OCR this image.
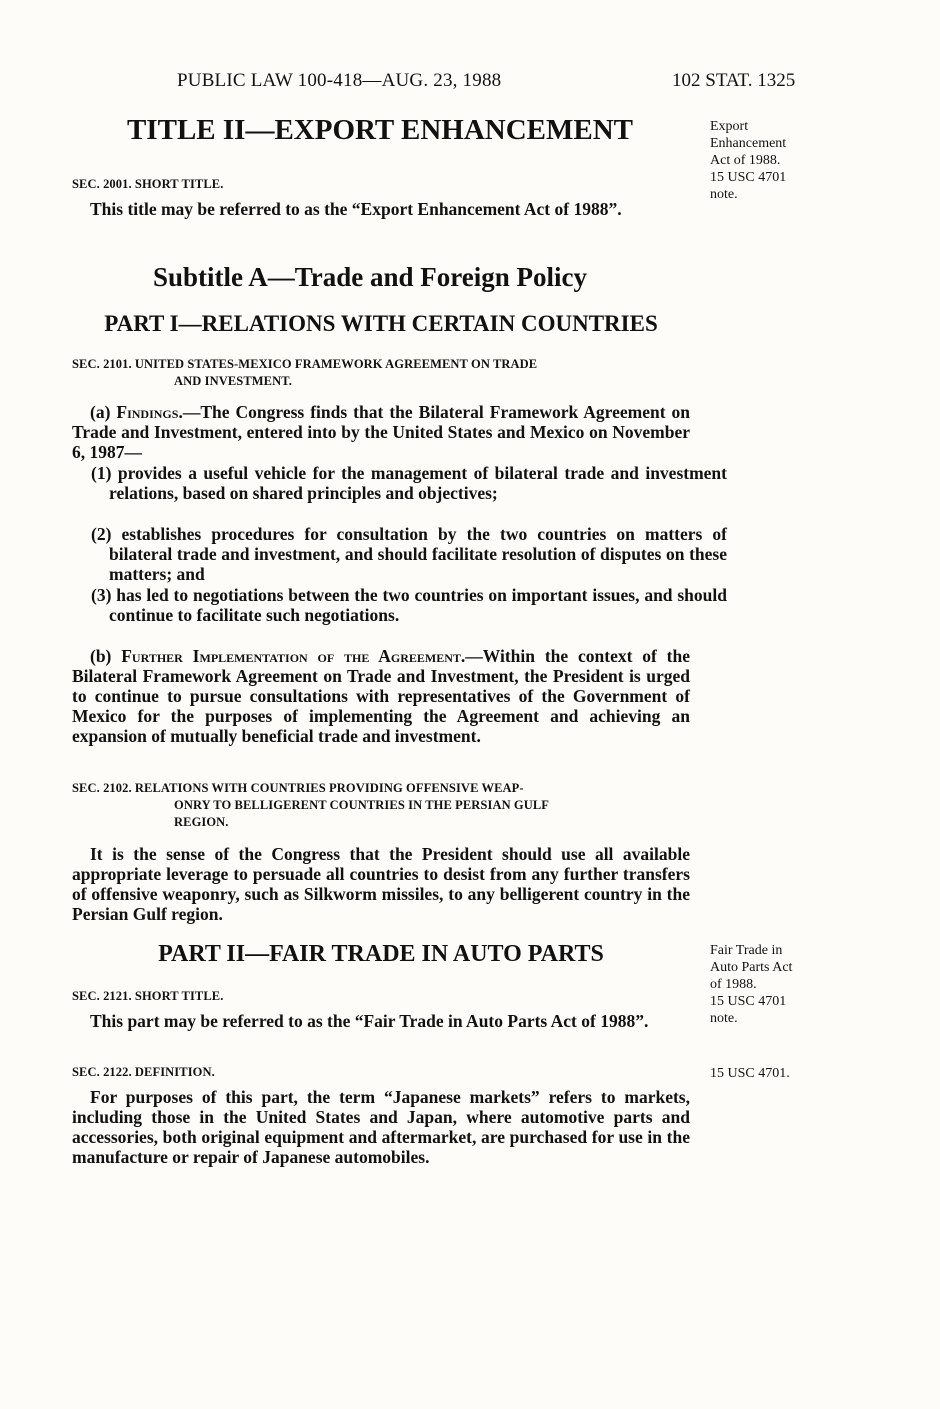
PUBLIC LAW 100-418—AUG. 23, 1988	102 STAT. 1325
TITLE II—EXPORT ENHANCEMENT
SEC. 2001. SHORT TITLE.
This title may be referred to as the “Export Enhancement Act of 1988”.
Subtitle A—Trade and Foreign Policy
PART I—RELATIONS WITH CERTAIN COUNTRIES
SEC. 2101. UNITED STATES-MEXICO FRAMEWORK AGREEMENT ON TRADE
AND INVESTMENT.
(a) Findings.—The Congress finds that the Bilateral Framework Agreement on Trade and Investment, entered into by the United States and Mexico on November 6, 1987—
(1) provides a useful vehicle for the management of bilateral trade and investment relations, based on shared principles and objectives;
(2) establishes procedures for consultation by the two countries on matters of bilateral trade and investment, and should facilitate resolution of disputes on these matters; and
(3) has led to negotiations between the two countries on important issues, and should continue to facilitate such negotiations.
(b) Further Implementation of the Agreement.—Within the context of the Bilateral Framework Agreement on Trade and Investment, the President is urged to continue to pursue consultations with representatives of the Government of Mexico for the purposes of implementing the Agreement and achieving an expansion of mutually beneficial trade and investment.
SEC. 2102. RELATIONS WITH COUNTRIES PROVIDING OFFENSIVE WEAP-
ONRY TO BELLIGERENT COUNTRIES IN THE PERSIAN GULF
REGION.
It is the sense of the Congress that the President should use all available appropriate leverage to persuade all countries to desist from any further transfers of offensive weaponry, such as Silkworm missiles, to any belligerent country in the Persian Gulf region.
PART II—FAIR TRADE IN AUTO PARTS
SEC. 2121. SHORT TITLE.
This part may be referred to as the “Fair Trade in Auto Parts Act of 1988”.
SEC. 2122. DEFINITION.
For purposes of this part, the term “Japanese markets” refers to markets, including those in the United States and Japan, where automotive parts and accessories, both original equipment and aftermarket, are purchased for use in the manufacture or repair of Japanese automobiles.
Export
Enhancement
Act of 1988.
15 USC 4701
note.
Fair Trade in
Auto Parts Act
of 1988.
15 USC 4701
note.
15 USC 4701.
